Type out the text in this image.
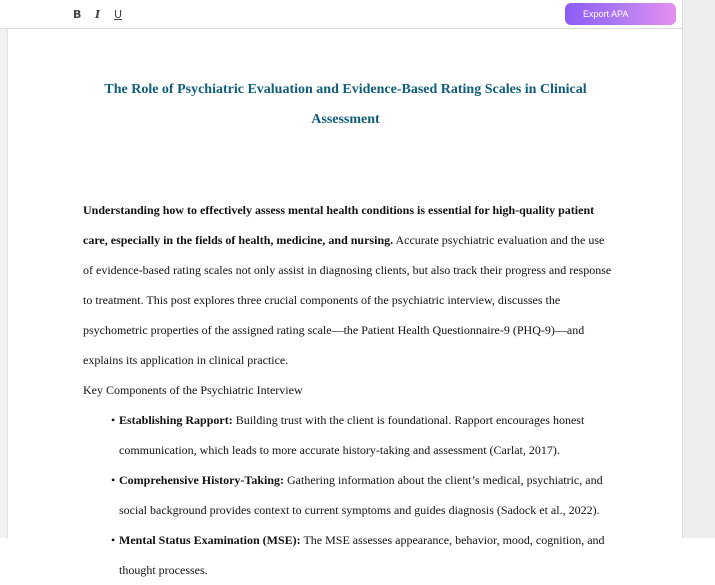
B I U	Export APA
The Role of Psychiatric Evaluation and Evidence-Based Rating Scales in Clinical Assessment

Understanding how to effectively assess mental health conditions is essential for high-quality patient care, especially in the fields of health, medicine, and nursing. Accurate psychiatric evaluation and the use of evidence-based rating scales not only assist in diagnosing clients, but also track their progress and response to treatment. This post explores three crucial components of the psychiatric interview, discusses the psychometric properties of the assigned rating scale—the Patient Health Questionnaire-9 (PHQ-9)—and explains its application in clinical practice.

Key Components of the Psychiatric Interview

• Establishing Rapport: Building trust with the client is foundational. Rapport encourages honest communication, which leads to more accurate history-taking and assessment (Carlat, 2017).
• Comprehensive History-Taking: Gathering information about the client’s medical, psychiatric, and social background provides context to current symptoms and guides diagnosis (Sadock et al., 2022).
• Mental Status Examination (MSE): The MSE assesses appearance, behavior, mood, cognition, and thought processes.
